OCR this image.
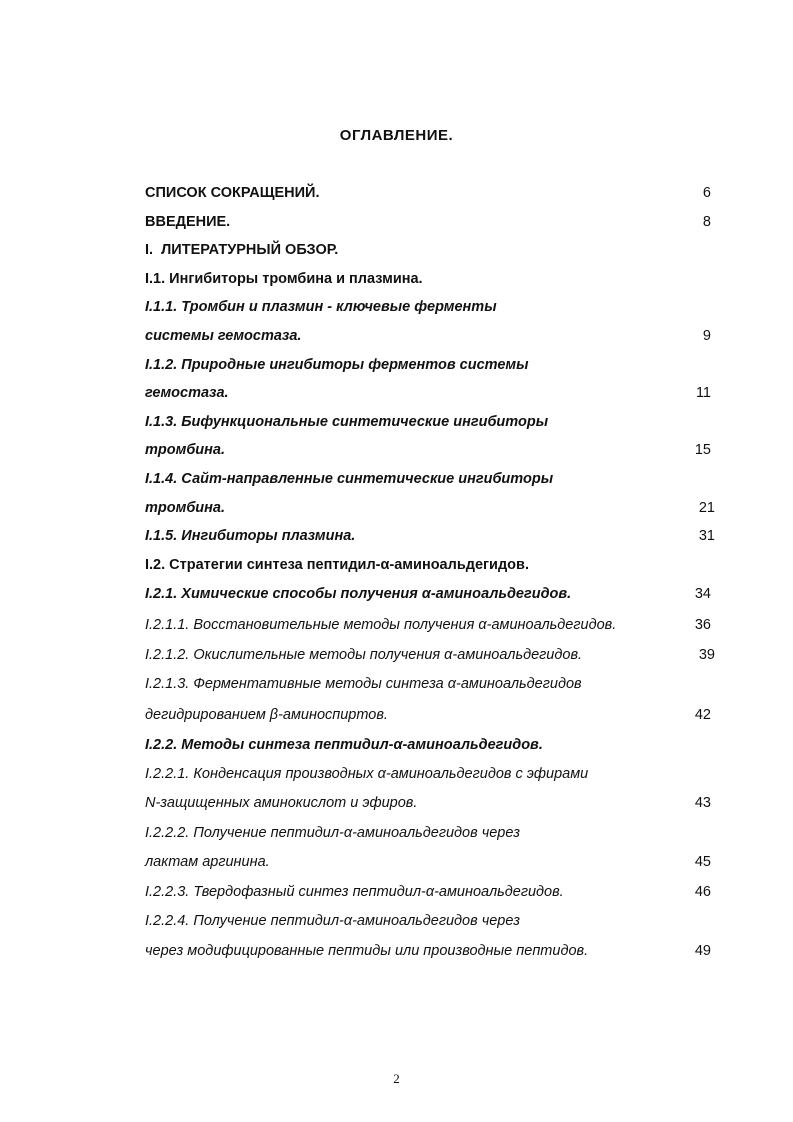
ОГЛАВЛЕНИЕ.
СПИСОК СОКРАЩЕНИЙ.	6
ВВЕДЕНИЕ.	8
I.  ЛИТЕРАТУРНЫЙ ОБЗОР.
I.1. Ингибиторы тромбина и плазмина.
I.1.1. Тромбин и плазмин - ключевые ферменты
системы гемостаза.	9
I.1.2. Природные ингибиторы ферментов системы
гемостаза.	11
I.1.3. Бифункциональные синтетические ингибиторы
тромбина.	15
I.1.4. Сайт-направленные синтетические ингибиторы
тромбина.	21
I.1.5. Ингибиторы плазмина.	31
I.2. Стратегии синтеза пептидил-α-аминоальдегидов.
I.2.1. Химические способы получения α-аминоальдегидов.	34
I.2.1.1. Восстановительные методы получения α-аминоальдегидов.	36
I.2.1.2. Окислительные методы получения α-аминоальдегидов.	39
I.2.1.3. Ферментативные методы синтеза α-аминоальдегидов
дегидрированием β-аминоспиртов.	42
I.2.2. Методы синтеза пептидил-α-аминоальдегидов.
I.2.2.1. Конденсация производных α-аминоальдегидов с эфирами
N-защищенных аминокислот и эфиров.	43
I.2.2.2. Получение пептидил-α-аминоальдегидов через
лактам аргинина.	45
I.2.2.3. Твердофазный синтез пептидил-α-аминоальдегидов.	46
I.2.2.4. Получение пептидил-α-аминоальдегидов через
через модифицированные пептиды или производные пептидов.	49
2
